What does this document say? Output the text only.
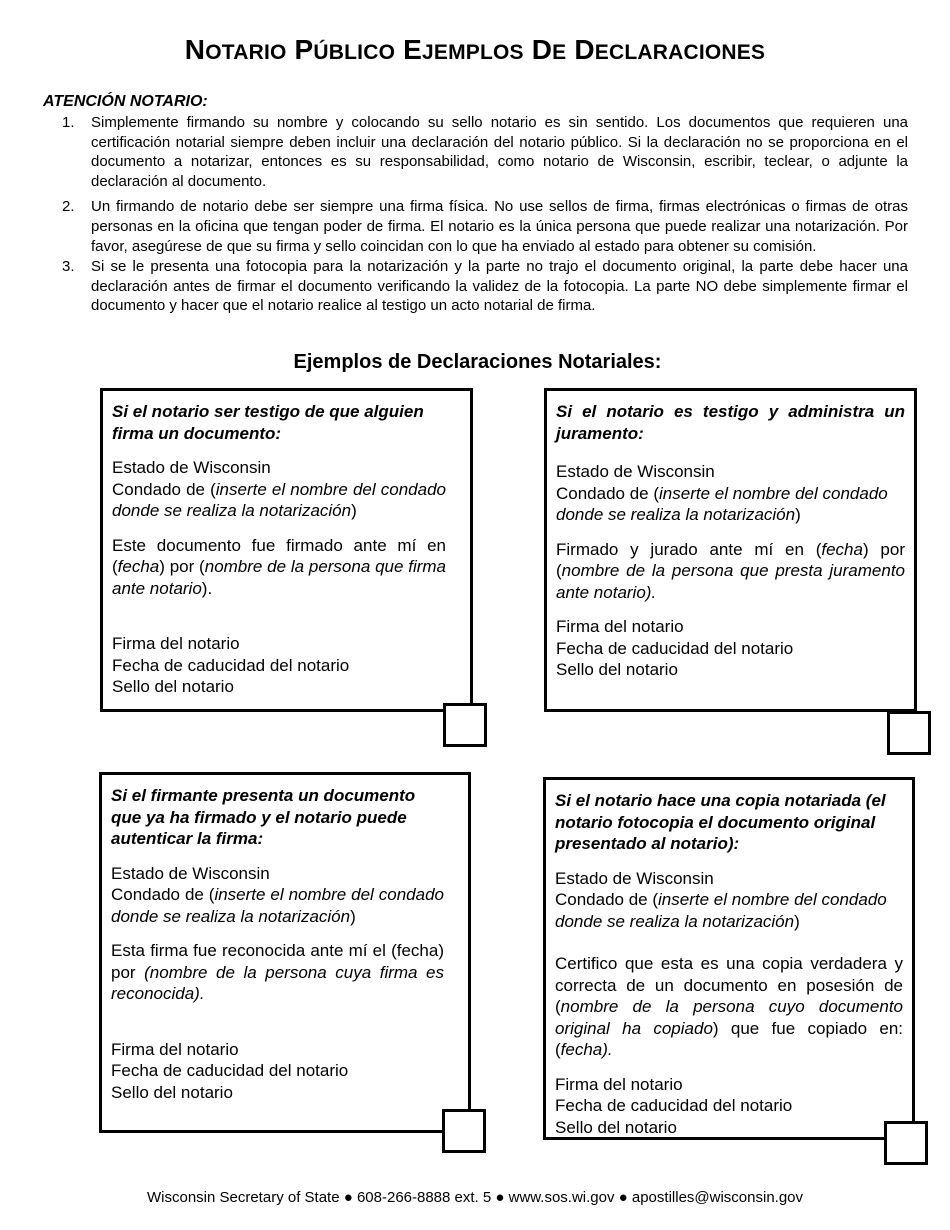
NOTARIO PÚBLICO EJEMPLOS DE DECLARACIONES
ATENCIÓN NOTARIO:
1. Simplemente firmando su nombre y colocando su sello notario es sin sentido. Los documentos que requieren una certificación notarial siempre deben incluir una declaración del notario público. Si la declaración no se proporciona en el documento a notarizar, entonces es su responsabilidad, como notario de Wisconsin, escribir, teclear, o adjunte la declaración al documento.
2. Un firmando de notario debe ser siempre una firma física. No use sellos de firma, firmas electrónicas o firmas de otras personas en la oficina que tengan poder de firma. El notario es la única persona que puede realizar una notarización. Por favor, asegúrese de que su firma y sello coincidan con lo que ha enviado al estado para obtener su comisión.
3. Si se le presenta una fotocopia para la notarización y la parte no trajo el documento original, la parte debe hacer una declaración antes de firmar el documento verificando la validez de la fotocopia. La parte NO debe simplemente firmar el documento y hacer que el notario realice al testigo un acto notarial de firma.
Ejemplos de Declaraciones Notariales:

Si el notario ser testigo de que alguien firma un documento:

Estado de Wisconsin

Condado de (inserte el nombre del condado donde se realiza la notarización)

Este documento fue firmado ante mí en (fecha) por (nombre de la persona que firma ante notario).

Firma del notario

Fecha de caducidad del notario

Sello del notario

Si el notario es testigo y administra un juramento:

Estado de Wisconsin

Condado de (inserte el nombre del condado donde se realiza la notarización)

Firmado y jurado ante mí en (fecha) por (nombre de la persona que presta juramento ante notario).

Firma del notario

Fecha de caducidad del notario

Sello del notario

Si el firmante presenta un documento que ya ha firmado y el notario puede autenticar la firma:

Estado de Wisconsin

Condado de (inserte el nombre del condado donde se realiza la notarización)

Esta firma fue reconocida ante mí el (fecha) por (nombre de la persona cuya firma es reconocida).

Firma del notario

Fecha de caducidad del notario

Sello del notario

Si el notario hace una copia notariada (el notario fotocopia el documento original presentado al notario):

Estado de Wisconsin

Condado de (inserte el nombre del condado donde se realiza la notarización)

Certifico que esta es una copia verdadera y correcta de un documento en posesión de (nombre de la persona cuyo documento original ha copiado) que fue copiado en: (fecha).

Firma del notario

Fecha de caducidad del notario

Sello del notario

Wisconsin Secretary of State ● 608-266-8888 ext. 5 ● www.sos.wi.gov ● apostilles@wisconsin.gov
